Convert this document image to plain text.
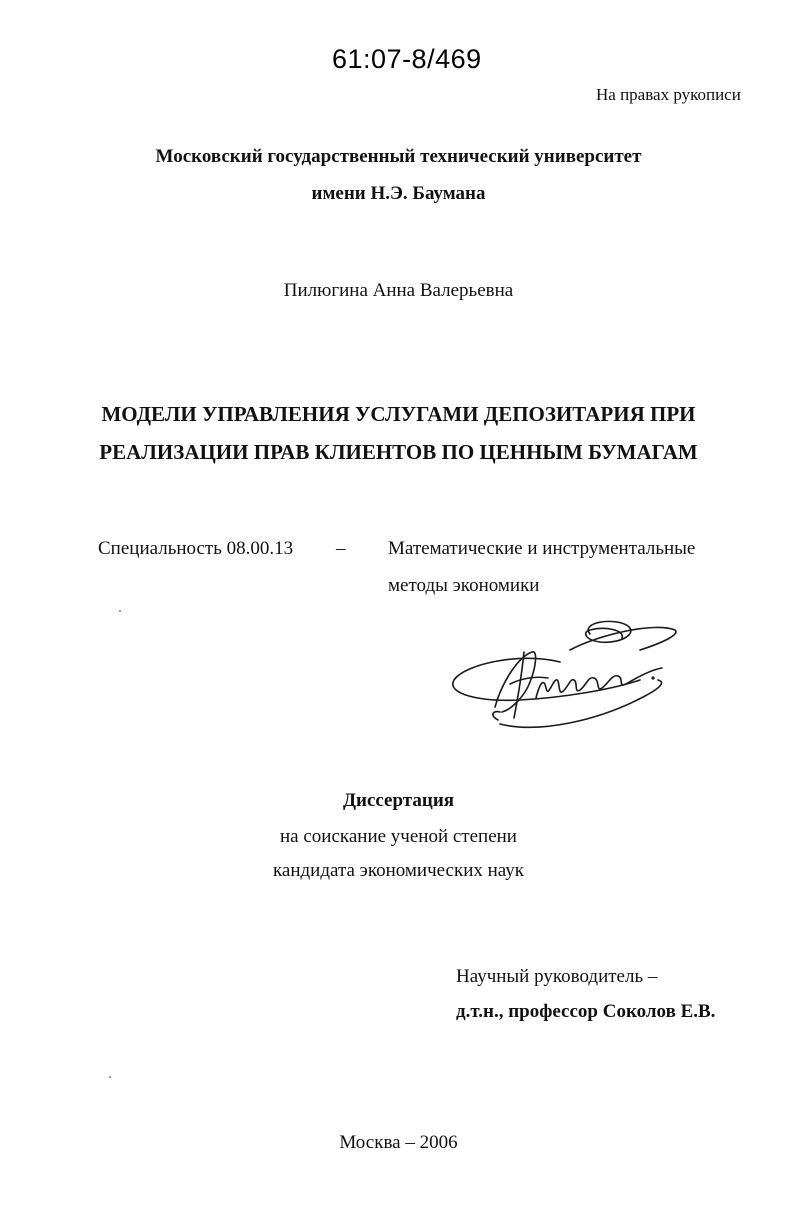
61:07-8/469
На правах рукописи
Московский государственный технический университет
имени Н.Э. Баумана
Пилюгина Анна Валерьевна
МОДЕЛИ УПРАВЛЕНИЯ УСЛУГАМИ ДЕПОЗИТАРИЯ ПРИ
РЕАЛИЗАЦИИ ПРАВ КЛИЕНТОВ ПО ЦЕННЫМ БУМАГАМ
Специальность 08.00.13 – Математические и инструментальные
методы экономики
Диссертация
на соискание ученой степени
кандидата экономических наук
Научный руководитель –
д.т.н., профессор Соколов Е.В.
Москва – 2006
